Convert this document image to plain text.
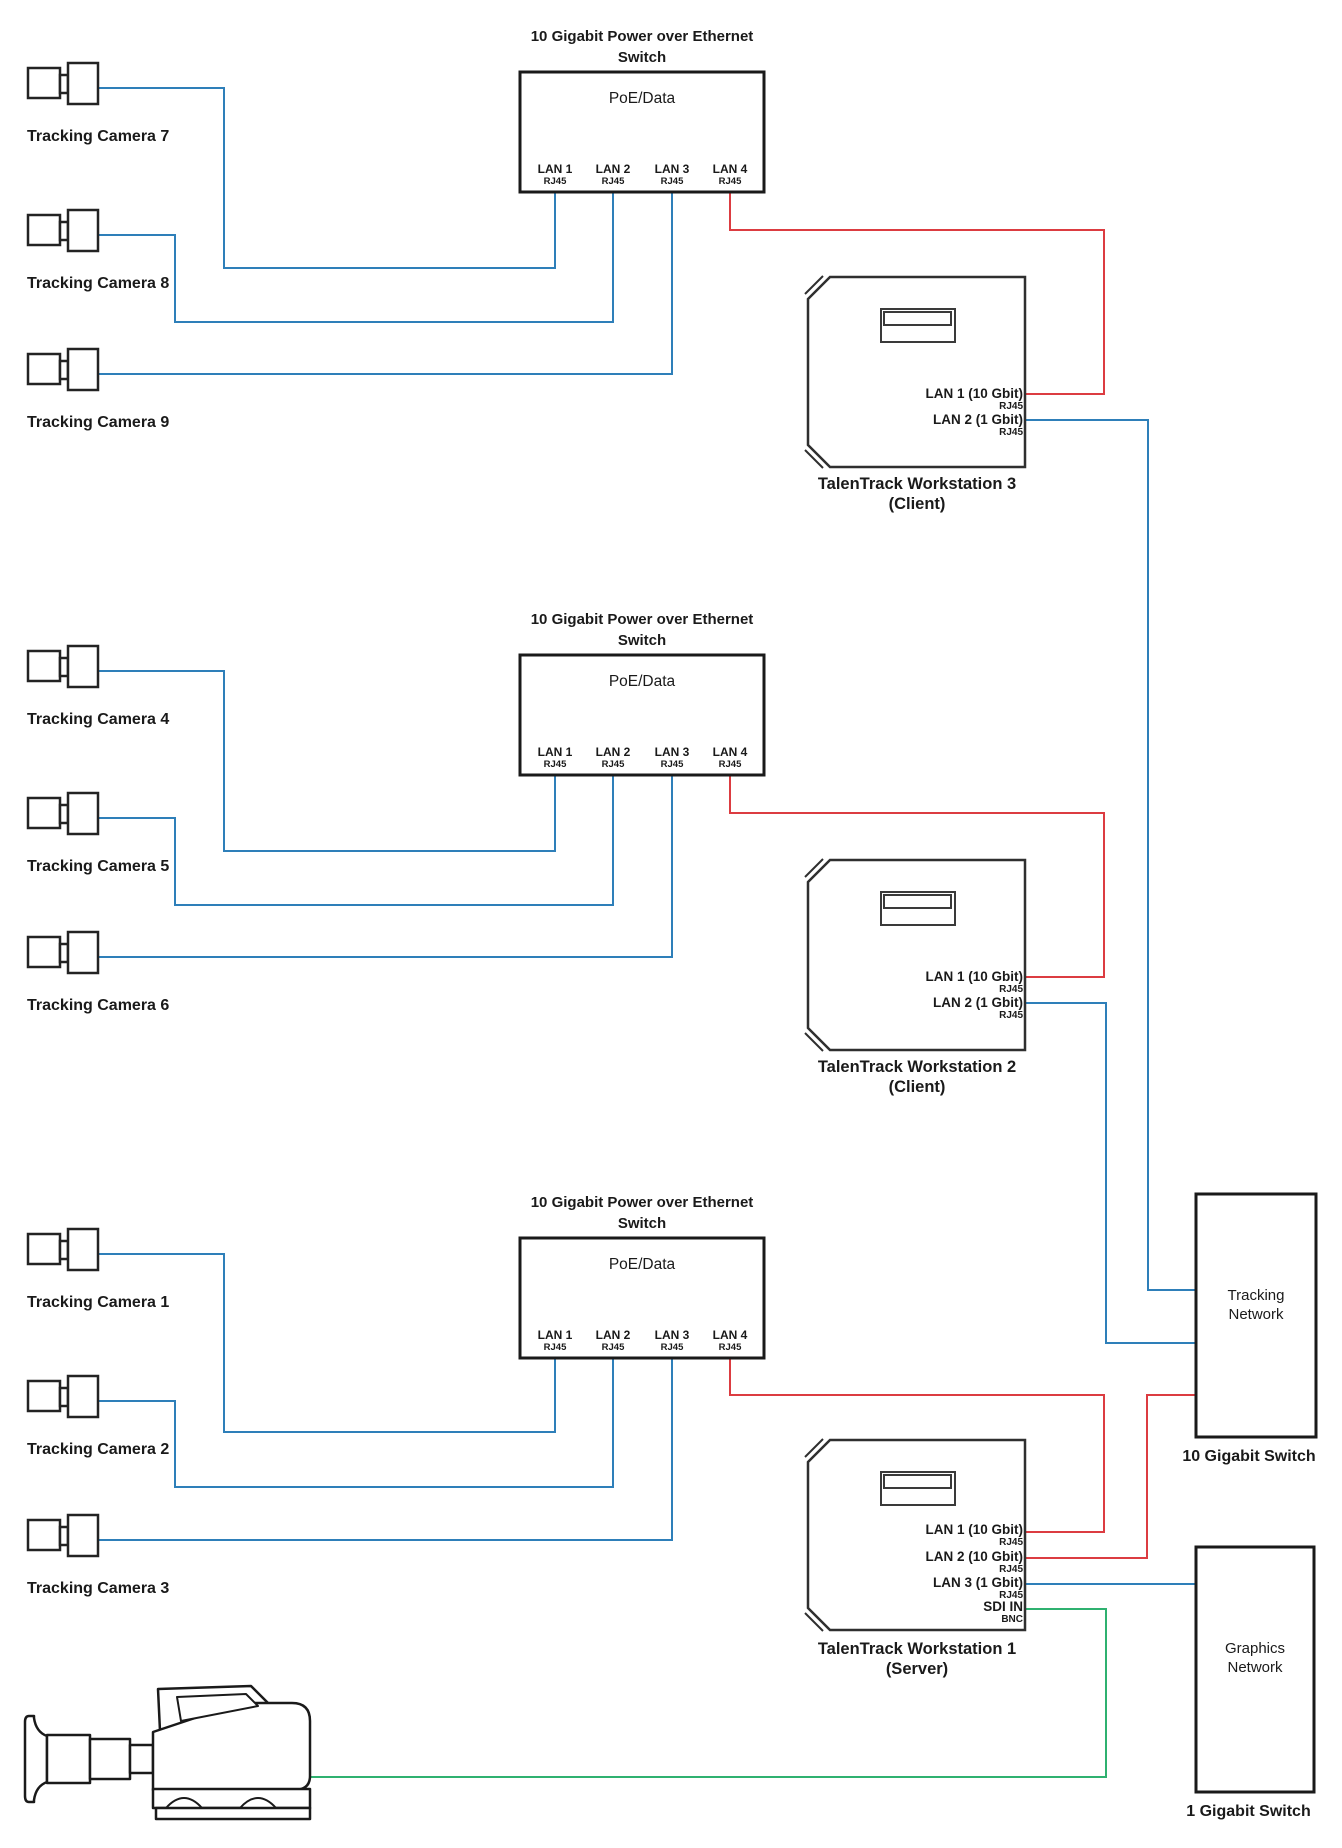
10 Gigabit Power over Ethernet
Switch
PoE/Data
LAN 1
RJ45
LAN 2
RJ45
LAN 3
RJ45
LAN 4
RJ45
Tracking Camera 7
Tracking Camera 8
Tracking Camera 9
LAN 1 (10 Gbit)
RJ45
LAN 2 (1 Gbit)
RJ45
TalenTrack Workstation 3
(Client)
10 Gigabit Power over Ethernet
Switch
PoE/Data
LAN 1
RJ45
LAN 2
RJ45
LAN 3
RJ45
LAN 4
RJ45
Tracking Camera 4
Tracking Camera 5
Tracking Camera 6
LAN 1 (10 Gbit)
RJ45
LAN 2 (1 Gbit)
RJ45
TalenTrack Workstation 2
(Client)
10 Gigabit Power over Ethernet
Switch
PoE/Data
LAN 1
RJ45
LAN 2
RJ45
LAN 3
RJ45
LAN 4
RJ45
Tracking Camera 1
Tracking Camera 2
Tracking Camera 3
LAN 1 (10 Gbit)
RJ45
LAN 2 (10 Gbit)
RJ45
LAN 3 (1 Gbit)
RJ45
SDI IN
BNC
TalenTrack Workstation 1
(Server)
Tracking
Network
10 Gigabit Switch
Graphics
Network
1 Gigabit Switch
